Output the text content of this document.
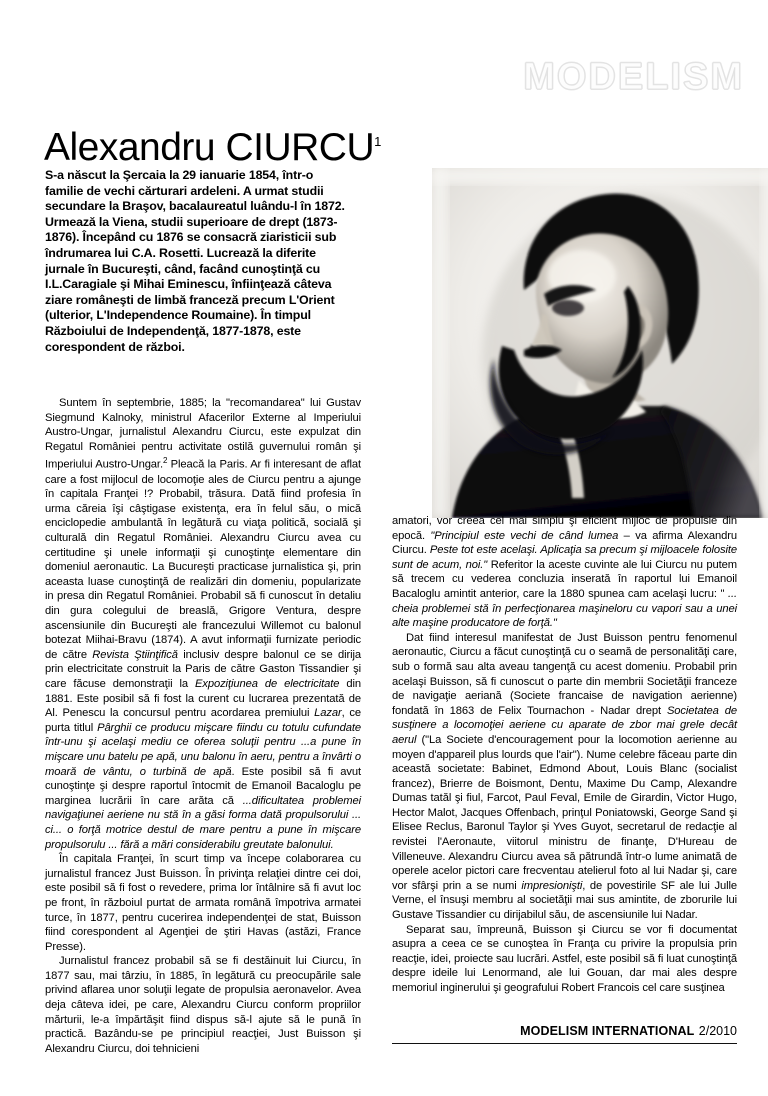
MODELISM
Alexandru CIURCU$^1$
S-a născut la Şercaia la 29 ianuarie 1854, într-o familie de vechi cărturari ardeleni. A urmat studii secundare la Braşov, bacalaureatul luându-l în 1872. Urmează la Viena, studii superioare de drept (1873-1876). Începând cu 1876 se consacră ziaristicii sub îndrumarea lui C.A. Rosetti. Lucrează la diferite jurnale în Bucureşti, când, facând cunoştinţă cu I.L.Caragiale şi Mihai Eminescu, înfiinţează câteva ziare româneşti de limbă franceză precum L'Orient (ulterior, L'Independence Roumaine). În timpul Războiului de Independenţă, 1877-1878, este corespondent de război.

Suntem în septembrie, 1885; la "recomandarea" lui Gustav Siegmund Kalnoky, ministrul Afacerilor Externe al Imperiului Austro-Ungar, jurnalistul Alexandru Ciurcu, este expulzat din Regatul României pentru activitate ostilă guvernului român şi Imperiului Austro-Ungar.$^2$ Pleacă la Paris. Ar fi interesant de aflat care a fost mijlocul de locomoţie ales de Ciurcu pentru a ajunge în capitala Franţei !? Probabil, trăsura. Dată fiind profesia în urma căreia îşi câştigase existenţa, era în felul său, o mică enciclopedie ambulantă în legătură cu viaţa politică, socială şi culturală din Regatul României. Alexandru Ciurcu avea cu certitudine şi unele informaţii şi cunoştinţe elementare din domeniul aeronautic. La Bucureşti practicase jurnalistica şi, prin aceasta luase cunoştinţă de realizări din domeniu, popularizate in presa din Regatul României. Probabil să fi cunoscut în detaliu din gura colegului de breaslă, Grigore Ventura, despre ascensiunile din Bucureşti ale francezului Willemot cu balonul botezat Miihai-Bravu (1874). A avut informaţii furnizate periodic de către Revista Ştiinţifică inclusiv despre balonul ce se dirija prin electricitate construit la Paris de către Gaston Tissandier şi care făcuse demonstraţii la Expoziţiunea de electricitate din 1881. Este posibil să fi fost la curent cu lucrarea prezentată de Al. Penescu la concursul pentru acordarea premiului Lazar, ce purta titlul Pârghii ce producu mişcare fiindu cu totulu cufundate într-unu şi acelaşi mediu ce oferea soluţii pentru ...a pune în mişcare unu batelu pe apă, unu balonu în aeru, pentru a învârti o moară de vântu, o turbină de apă. Este posibil să fi avut cunoştinţe şi despre raportul întocmit de Emanoil Bacaloglu pe marginea lucrării în care arăta că ...dificultatea problemei navigaţiunei aeriene nu stă în a găsi forma dată propulsorului ... ci... o forţă motrice destul de mare pentru a pune în mişcare propulsorulu ... fără a mări considerabilu greutate balonului.

În capitala Franţei, în scurt timp va începe colaborarea cu jurnalistul francez Just Buisson. În privinţa relaţiei dintre cei doi, este posibil să fi fost o revedere, prima lor întâlnire să fi avut loc pe front, în războiul purtat de armata română împotriva armatei turce, în 1877, pentru cucerirea independenţei de stat, Buisson fiind corespondent al Agenţiei de ştiri Havas (astăzi, France Presse).

Jurnalistul francez probabil să se fi destăinuit lui Ciurcu, în 1877 sau, mai târziu, în 1885, în legătură cu preocupările sale privind aflarea unor soluţii legate de propulsia aeronavelor. Avea deja câteva idei, pe care, Alexandru Ciurcu conform propriilor mărturii, le-a împărtăşit fiind dispus să-l ajute să le pună în practică. Bazându-se pe principiul reacţiei, Just Buisson şi Alexandru Ciurcu, doi tehnicieni

amatori, vor creea cel mai simplu şi eficient mijloc de propulsie din epocă. "Principiul este vechi de când lumea – va afirma Alexandru Ciurcu. Peste tot este acelaşi. Aplicaţia sa precum şi mijloacele folosite sunt de acum, noi." Referitor la aceste cuvinte ale lui Ciurcu nu putem să trecem cu vederea concluzia inserată în raportul lui Emanoil Bacaloglu amintit anterior, care la 1880 spunea cam acelaşi lucru: " ... cheia problemei stă în perfecţionarea maşineloru cu vapori sau a unei alte maşine producatore de forţă."

Dat fiind interesul manifestat de Just Buisson pentru fenomenul aeronautic, Ciurcu a făcut cunoştinţă cu o seamă de personalităţi care, sub o formă sau alta aveau tangenţă cu acest domeniu. Probabil prin acelaşi Buisson, să fi cunoscut o parte din membrii Societăţii franceze de navigaţie aeriană (Societe francaise de navigation aerienne) fondată în 1863 de Felix Tournachon - Nadar drept Societatea de susţinere a locomoţiei aeriene cu aparate de zbor mai grele decât aerul ("La Societe d'encouragement pour la locomotion aerienne au moyen d'appareil plus lourds que l'air"). Nume celebre făceau parte din această societate: Babinet, Edmond About, Louis Blanc (socialist francez), Brierre de Boismont, Dentu, Maxime Du Camp, Alexandre Dumas tatăl şi fiul, Farcot, Paul Feval, Emile de Girardin, Victor Hugo, Hector Malot, Jacques Offenbach, prinţul Poniatowski, George Sand şi Elisee Reclus, Baronul Taylor şi Yves Guyot, secretarul de redacţie al revistei l'Aeronaute, viitorul ministru de finanţe, D'Hureau de Villeneuve. Alexandru Ciurcu avea să pătrundă într-o lume animată de operele acelor pictori care frecventau atelierul foto al lui Nadar şi, care vor sfârşi prin a se numi impresionişti, de povestirile SF ale lui Julle Verne, el însuşi membru al societăţii mai sus amintite, de zborurile lui Gustave Tissandier cu dirijabilul său, de ascensiunile lui Nadar.

Separat sau, împreună, Buisson şi Ciurcu se vor fi documentat asupra a ceea ce se cunoştea în Franţa cu privire la propulsia prin reacţie, idei, proiecte sau lucrări. Astfel, este posibil să fi luat cunoştinţă despre ideile lui Lenormand, ale lui Gouan, dar mai ales despre memoriul inginerului şi geografului Robert Francois cel care susţinea

MODELISM INTERNATIONAL 2/2010
